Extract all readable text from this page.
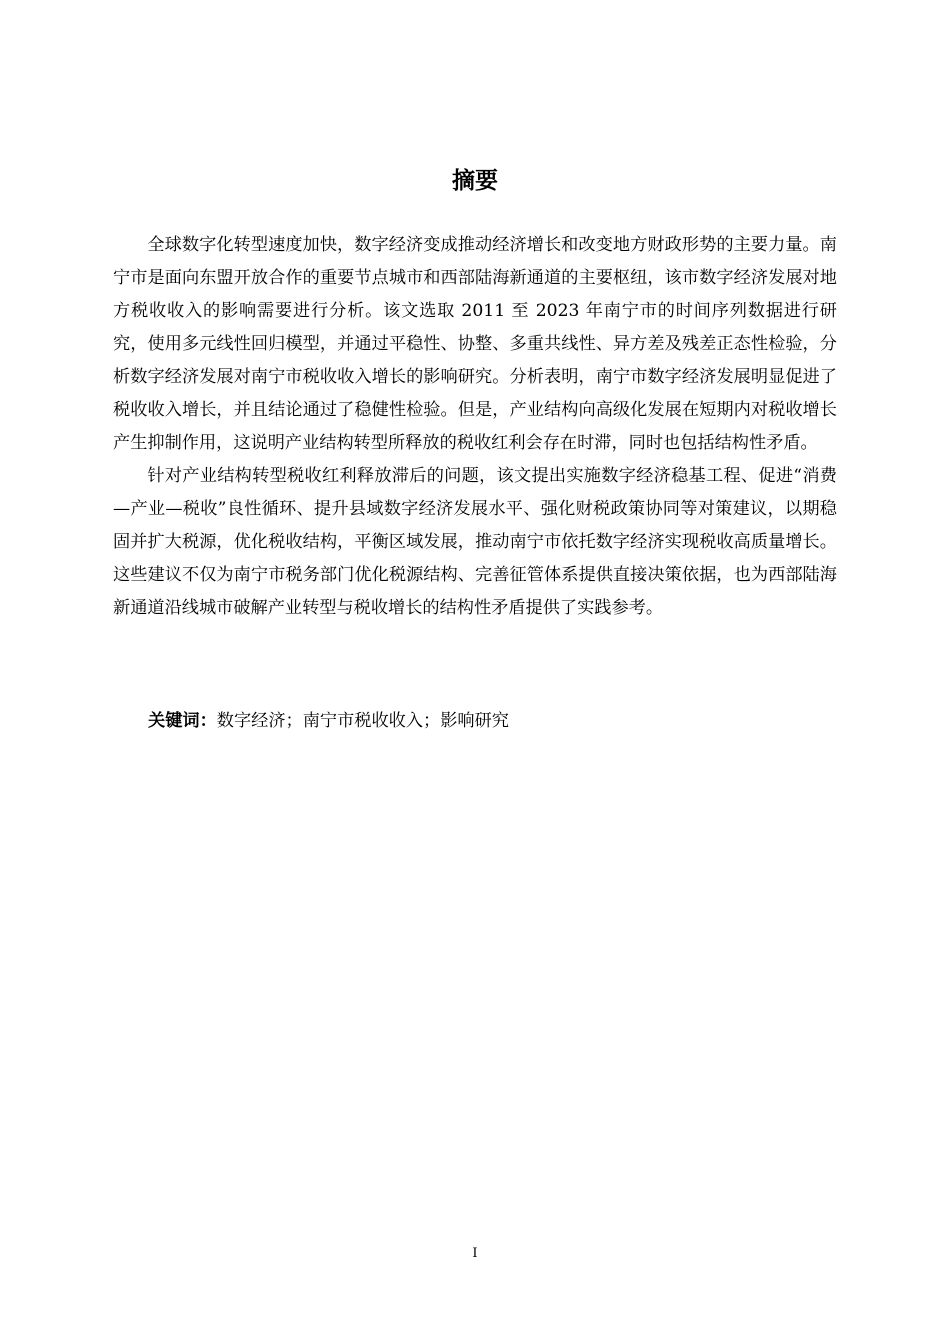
摘要

全球数字化转型速度加快，数字经济变成推动经济增长和改变地方财政形势的主要力量。南宁市是面向东盟开放合作的重要节点城市和西部陆海新通道的主要枢纽，该市数字经济发展对地方税收收入的影响需要进行分析。该文选取 2011 至 2023 年南宁市的时间序列数据进行研究，使用多元线性回归模型，并通过平稳性、协整、多重共线性、异方差及残差正态性检验，分析数字经济发展对南宁市税收收入增长的影响研究。分析表明，南宁市数字经济发展明显促进了税收收入增长，并且结论通过了稳健性检验。但是，产业结构向高级化发展在短期内对税收增长产生抑制作用，这说明产业结构转型所释放的税收红利会存在时滞，同时也包括结构性矛盾。

针对产业结构转型税收红利释放滞后的问题，该文提出实施数字经济稳基工程、促进“消费—产业—税收”良性循环、提升县域数字经济发展水平、强化财税政策协同等对策建议，以期稳固并扩大税源，优化税收结构，平衡区域发展，推动南宁市依托数字经济实现税收高质量增长。这些建议不仅为南宁市税务部门优化税源结构、完善征管体系提供直接决策依据，也为西部陆海新通道沿线城市破解产业转型与税收增长的结构性矛盾提供了实践参考。

关键词：数字经济；南宁市税收收入；影响研究

I
